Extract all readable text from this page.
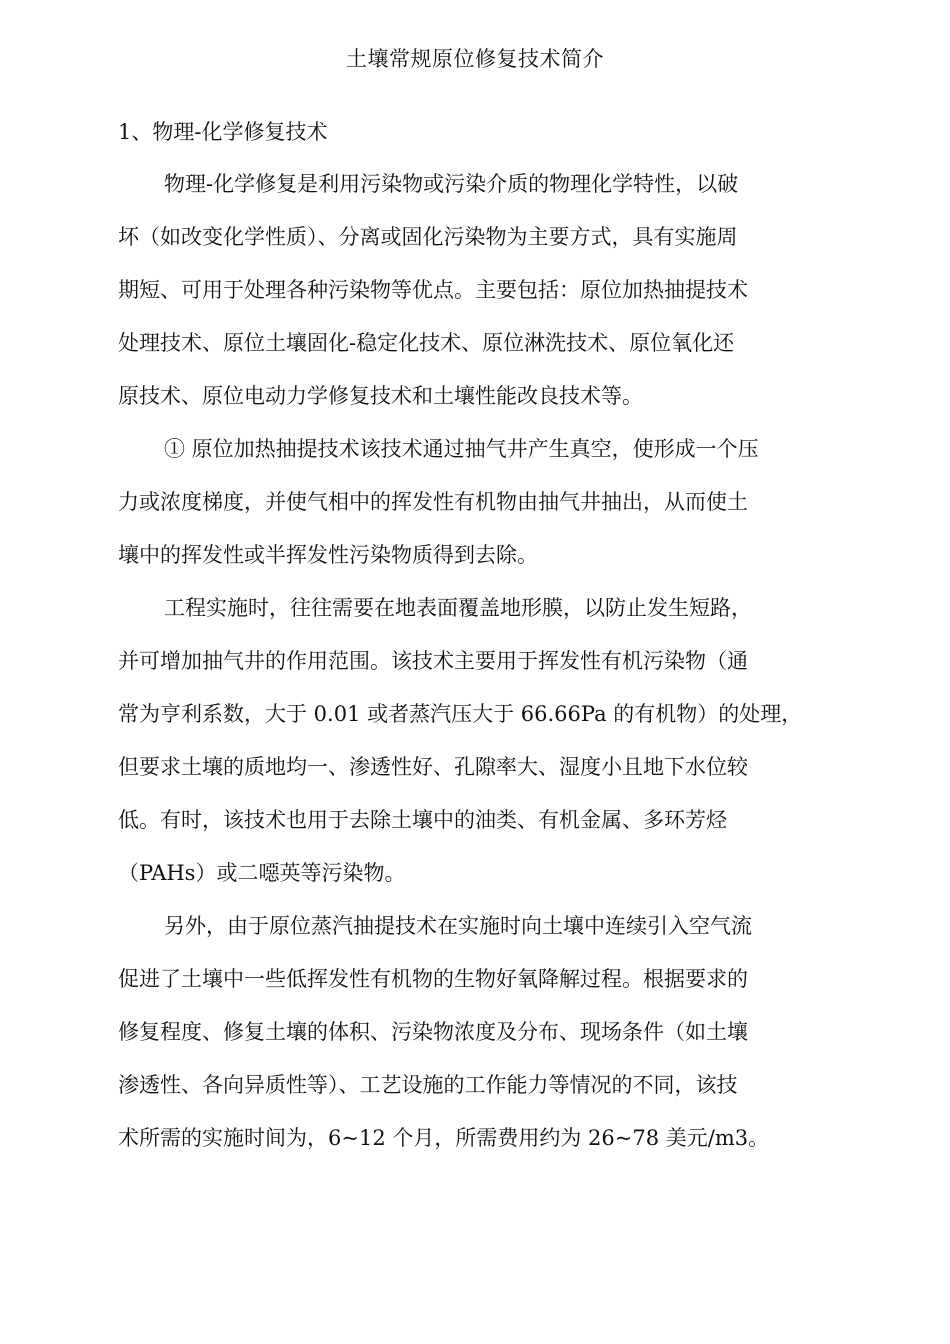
土壤常规原位修复技术简介
1、物理-化学修复技术

物理-化学修复是利用污染物或污染介质的物理化学特性，以破

坏（如改变化学性质）、分离或固化污染物为主要方式，具有实施周

期短、可用于处理各种污染物等优点。主要包括：原位加热抽提技术

处理技术、原位土壤固化-稳定化技术、原位淋洗技术、原位氧化还

原技术、原位电动力学修复技术和土壤性能改良技术等。

① 原位加热抽提技术该技术通过抽气井产生真空，使形成一个压

力或浓度梯度，并使气相中的挥发性有机物由抽气井抽出，从而使土

壤中的挥发性或半挥发性污染物质得到去除。

工程实施时，往往需要在地表面覆盖地形膜，以防止发生短路，

并可增加抽气井的作用范围。该技术主要用于挥发性有机污染物（通

常为亨利系数，大于 0.01 或者蒸汽压大于 66.66Pa 的有机物）的处理，

但要求土壤的质地均一、渗透性好、孔隙率大、湿度小且地下水位较

低。有时，该技术也用于去除土壤中的油类、有机金属、多环芳烃

（PAHs）或二噁英等污染物。

另外，由于原位蒸汽抽提技术在实施时向土壤中连续引入空气流

促进了土壤中一些低挥发性有机物的生物好氧降解过程。根据要求的

修复程度、修复土壤的体积、污染物浓度及分布、现场条件（如土壤

渗透性、各向异质性等）、工艺设施的工作能力等情况的不同，该技

术所需的实施时间为，6~12 个月，所需费用约为 26~78 美元/m3。
